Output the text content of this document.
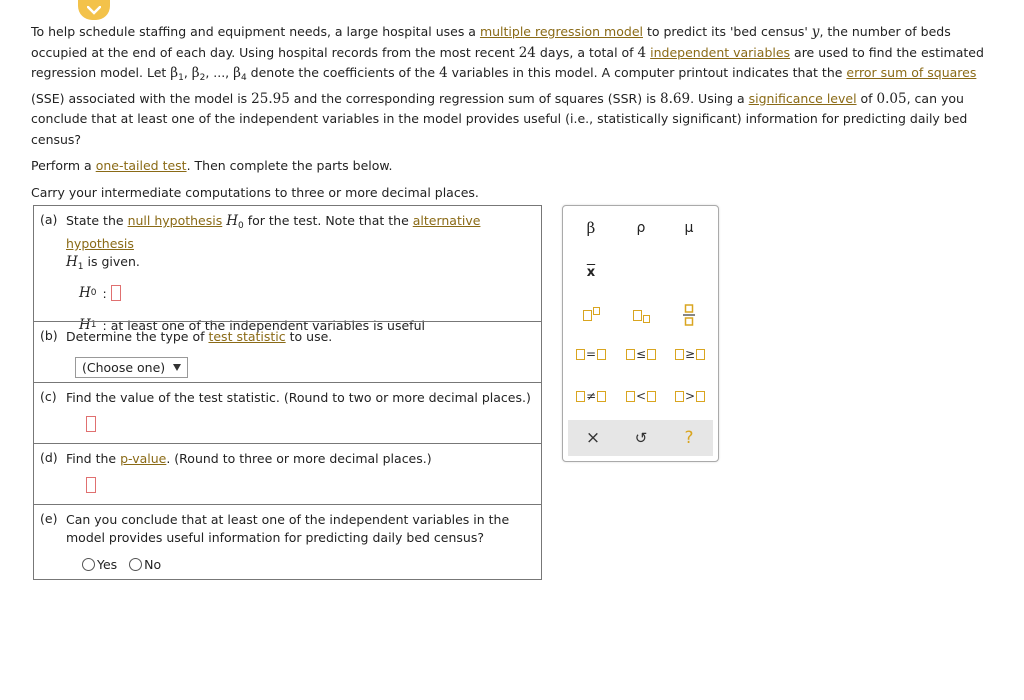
To help schedule staffing and equipment needs, a large hospital uses a multiple regression model to predict its 'bed census' y, the number of beds occupied at the end of each day. Using hospital records from the most recent 24 days, a total of 4 independent variables are used to find the estimated regression model. Let $\beta_1$, $\beta_2$, ..., $\beta_4$ denote the coefficients of the 4 variables in this model. A computer printout indicates that the error sum of squares (SSE) associated with the model is 25.95 and the corresponding regression sum of squares (SSR) is 8.69. Using a significance level of 0.05, can you conclude that at least one of the independent variables in the model provides useful (i.e., statistically significant) information for predicting daily bed census?

Perform a one-tailed test. Then complete the parts below.

Carry your intermediate computations to three or more decimal places.

(a) State the null hypothesis $H_0$ for the test. Note that the alternative hypothesis
$H_1$ is given.
H 0 :
H 1 : at least one of the independent variables is useful
(b) Determine the type of test statistic to use.
(Choose one)
(c) Find the value of the test statistic. (Round to two or more decimal places.)
(d) Find the p-value. (Round to three or more decimal places.)
(e) Can you conclude that at least one of the independent variables in the model provides useful information for predicting daily bed census?
Yes No
β	ρ	μ
$\overline{x}$
=	≤	≥
≠	<	>
×	↺	?
